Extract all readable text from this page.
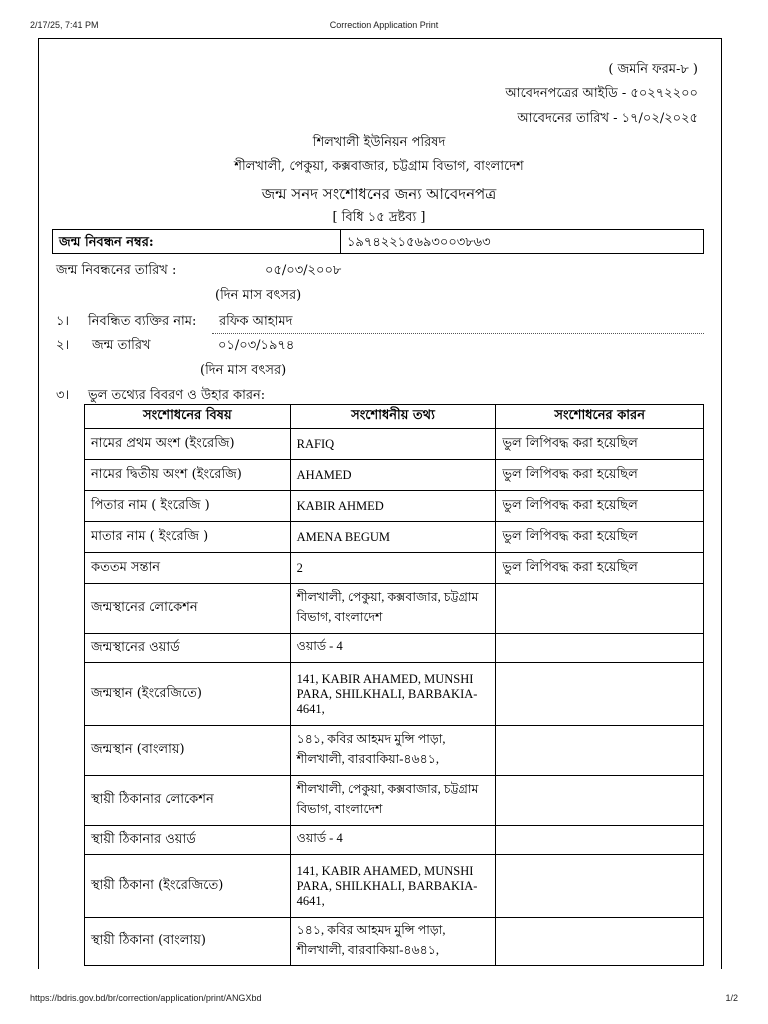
2/17/25, 7:41 PM	Correction Application Print
( জমনি ফরম-৮ )
আবেদনপত্রের আইডি - ৫০২৭২২০০
আবেদনের তারিখ - ১৭/০২/২০২৫
শিলখালী ইউনিয়ন পরিষদ
শীলখালী, পেকুয়া, কক্সবাজার, চট্টগ্রাম বিভাগ, বাংলাদেশ
জন্ম সনদ সংশোধনের জন্য আবেদনপত্র
[ বিধি ১৫ দ্রষ্টব্য ]
জন্ম নিবন্ধন নম্বর:	১৯৭৪২২১৫৬৯৩০০৩৮৬৩
জন্ম নিবন্ধনের তারিখ :	০৫/০৩/২০০৮
(দিন মাস বৎসর)
১। নিবন্ধিত ব্যক্তির নাম:	রফিক আহামদ
২। জন্ম তারিখ	০১/০৩/১৯৭৪
(দিন মাস বৎসর)
৩। ভুল তথ্যের বিবরণ ও উহার কারন:
সংশোধনের বিষয়	সংশোধনীয় তথ্য	সংশোধনের কারন
নামের প্রথম অংশ (ইংরেজি)	RAFIQ	ভুল লিপিবদ্ধ করা হয়েছিল
নামের দ্বিতীয় অংশ (ইংরেজি)	AHAMED	ভুল লিপিবদ্ধ করা হয়েছিল
পিতার নাম ( ইংরেজি )	KABIR AHMED	ভুল লিপিবদ্ধ করা হয়েছিল
মাতার নাম ( ইংরেজি )	AMENA BEGUM	ভুল লিপিবদ্ধ করা হয়েছিল
কততম সন্তান	2	ভুল লিপিবদ্ধ করা হয়েছিল
জন্মস্থানের লোকেশন	শীলখালী, পেকুয়া, কক্সবাজার, চট্টগ্রাম বিভাগ, বাংলাদেশ	
জন্মস্থানের ওয়ার্ড	ওয়ার্ড - 4	
জন্মস্থান (ইংরেজিতে)	141, KABIR AHAMED, MUNSHI PARA, SHILKHALI, BARBAKIA-4641,	
জন্মস্থান (বাংলায়)	১৪১, কবির আহমদ মুন্সি পাড়া, শীলখালী, বারবাকিয়া-৪৬৪১,	
স্থায়ী ঠিকানার লোকেশন	শীলখালী, পেকুয়া, কক্সবাজার, চট্টগ্রাম বিভাগ, বাংলাদেশ	
স্থায়ী ঠিকানার ওয়ার্ড	ওয়ার্ড - 4	
স্থায়ী ঠিকানা (ইংরেজিতে)	141, KABIR AHAMED, MUNSHI PARA, SHILKHALI, BARBAKIA-4641,	
স্থায়ী ঠিকানা (বাংলায়)	১৪১, কবির আহমদ মুন্সি পাড়া, শীলখালী, বারবাকিয়া-৪৬৪১,	
https://bdris.gov.bd/br/correction/application/print/ANGXbd	1/2
